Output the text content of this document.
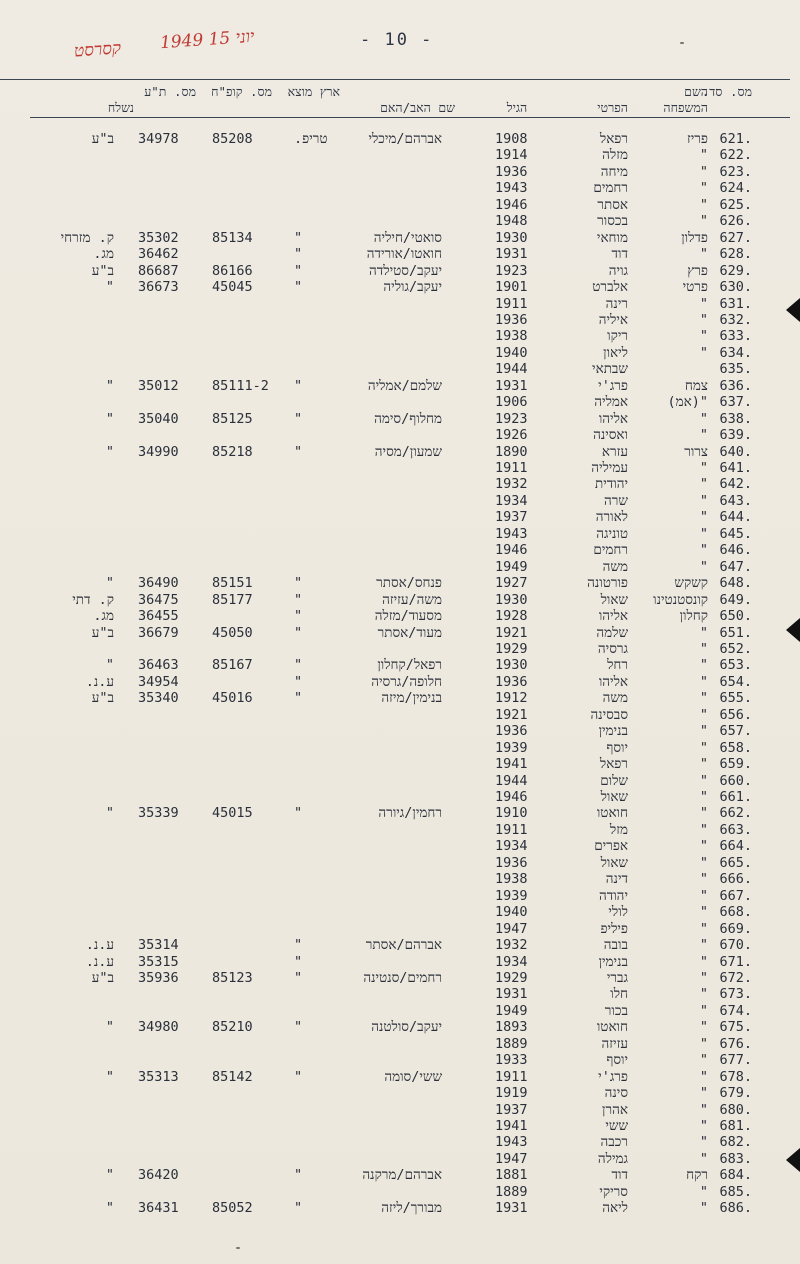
קסרסט 1949 יוני 15	- 10 -
מס. סד.
השם המשפחה
הפרטי
הגיל
שם האב/האם
ארץ מוצא
מס. קופ"ח
מס. ת"ע
נשלח
.621
פריז
רפאל
1908
אברהם/מיכלי
טריפ.
85208
34978
ב"ע
.622
"
מזלה
1914
.623
"
מיחה
1936
.624
"
רחמים
1943
.625
"
אסתר
1946
.626
"
בכסור
1948
.627
פדלון
מוחאי
1930
סואטי/חיליה
"
85134
35302
ק. מזרחי
.628
"
דוד
1931
חואטו/אורידה
"
36462
מג.
.629
פרץ
גויה
1923
יעקב/סטילדה
"
86166
86687
ב"ע
.630
פרטי
אלברט
1901
יעקב/גוליה
"
45045
36673
"
.631
"
רינה
1911
.632
"
איליה
1936
.633
"
ריקו
1938
.634
"
ליאון
1940
.635
שבתאי
1944
.636
צמח
פרג'י
1931
שלמם/אמליה
"
85111-2
35012
"
.637
"(אמ)
אמליה
1906
.638
"
אליהו
1923
מחלוף/סימה
"
85125
35040
"
.639
"
ואסינה
1926
.640
צרור
עזרא
1890
שמעון/מסיה
"
85218
34990
"
.641
"
עמיליה
1911
.642
"
יהודית
1932
.643
"
שרה
1934
.644
"
לאורה
1937
.645
"
טוניגה
1943
.646
"
רחמים
1946
.647
"
משה
1949
.648
קשקש
פורטונה
1927
פנחס/אסתר
"
85151
36490
"
.649
קונסטנטינו
שאול
1930
משה/עזיזה
"
85177
36475
ק. דתי
.650
קחלון
אליהו
1928
מסעוד/מזלה
"
36455
מג.
.651
"
שלמה
1921
מעוד/אסתר
"
45050
36679
ב"ע
.652
"
גרסיה
1929
.653
"
רחל
1930
רפאל/קחלון
"
85167
36463
"
.654
"
אליהו
1936
חלופה/גרסיה
"
34954
ע.נ.
.655
"
משה
1912
בנימין/מיזה
"
45016
35340
ב"ע
.656
"
סבסינה
1921
.657
"
בנימין
1936
.658
"
יוסף
1939
.659
"
רפאל
1941
.660
"
שלום
1944
.661
"
שאול
1946
.662
"
חואטו
1910
רחמין/גיורה
"
45015
35339
"
.663
"
מזל
1911
.664
"
אפרים
1934
.665
"
שאול
1936
.666
"
דינה
1938
.667
"
יהודה
1939
.668
"
לולי
1940
.669
"
פיליפ
1947
.670
"
בובה
1932
אברהם/אסתר
"
35314
ע.נ.
.671
"
בנימין
1934
"
35315
ע.נ.
.672
"
גברי
1929
רחמים/סנטינה
"
85123
35936
ב"ע
.673
"
חלו
1931
.674
"
בכור
1949
.675
"
חואטו
1893
יעקב/סולטנה
"
85210
34980
"
.676
"
עזיזה
1889
.677
"
יוסף
1933
.678
"
פרג'י
1911
ששי/סומה
"
85142
35313
"
.679
"
סינה
1919
.680
"
אהרן
1937
.681
"
ששי
1941
.682
"
רכבה
1943
.683
"
גמילה
1947
.684
רקח
דוד
1881
אברהם/מרקנה
"
36420
"
.685
"
סריקי
1889
.686
"
ליאה
1931
מבורך/ליזה
"
85052
36431
"
